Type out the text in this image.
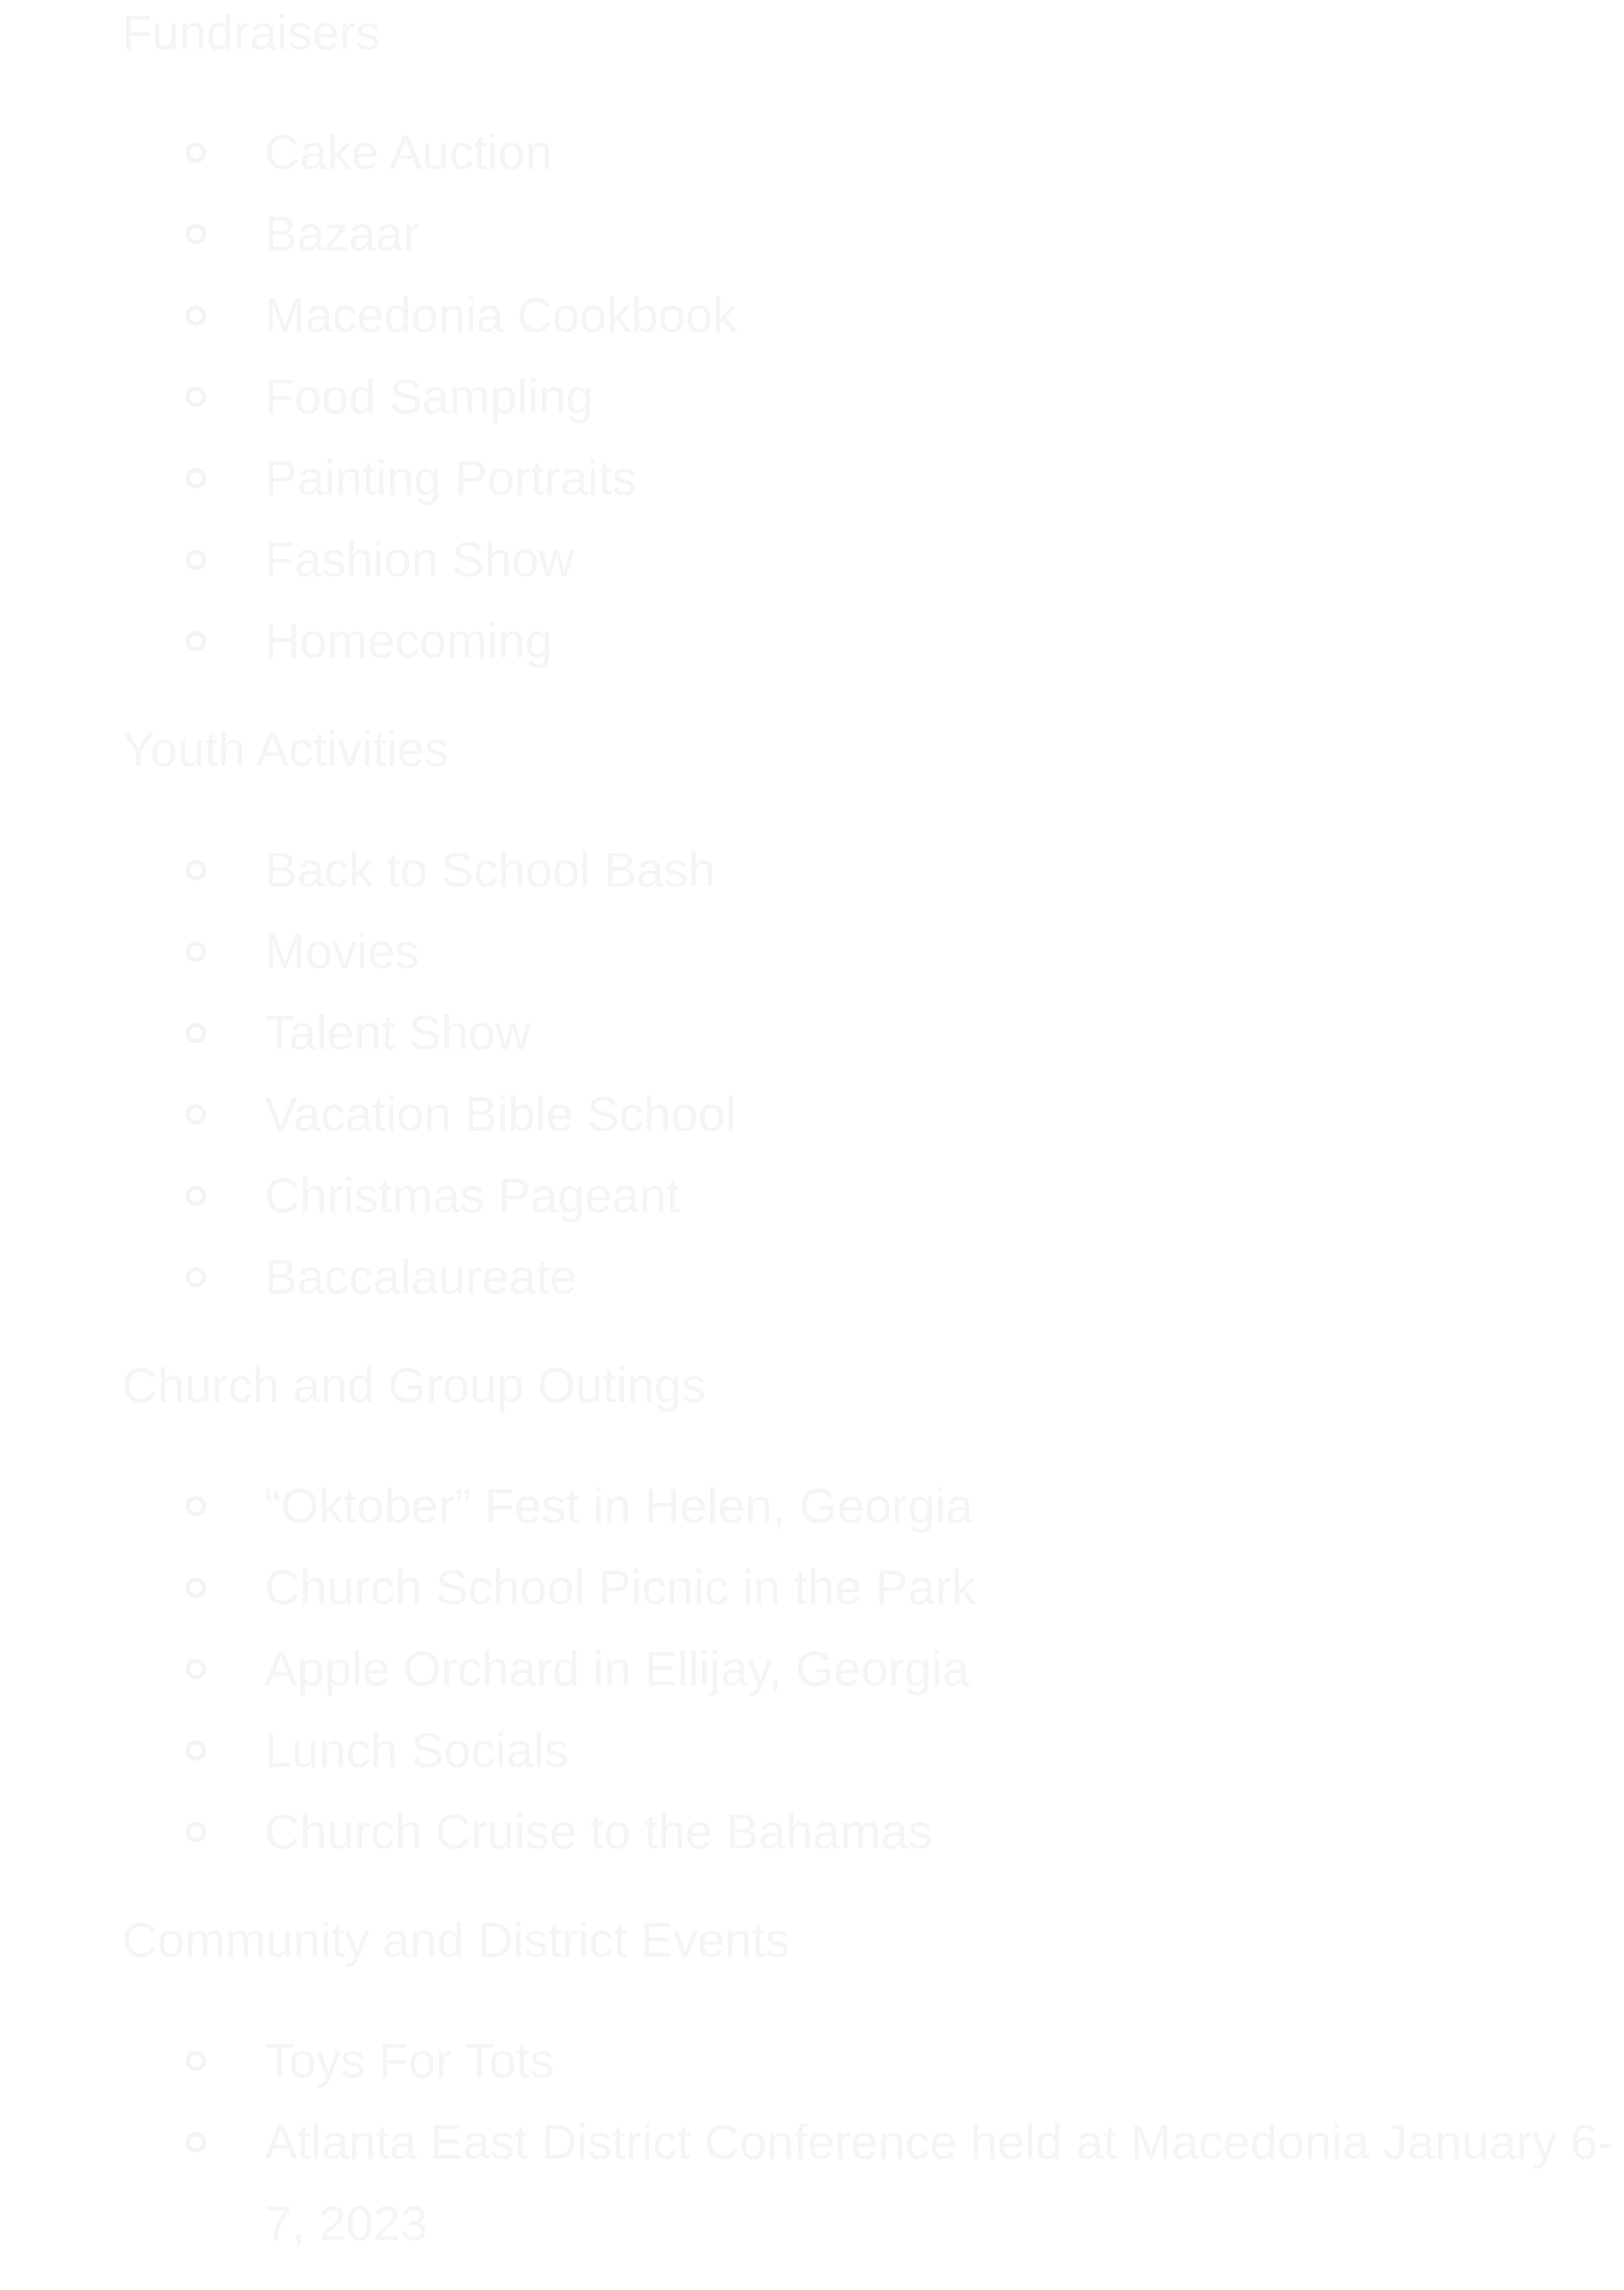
Fundraisers
Cake Auction
Bazaar
Macedonia Cookbook
Food Sampling
Painting Portraits
Fashion Show
Homecoming
Youth Activities
Back to School Bash
Movies
Talent Show
Vacation Bible School
Christmas Pageant
Baccalaureate
Church and Group Outings
“Oktober” Fest in Helen, Georgia
Church School Picnic in the Park
Apple Orchard in Ellijay, Georgia
Lunch Socials
Church Cruise to the Bahamas
Community and District Events
Toys For Tots
Atlanta East District Conference held at Macedonia January 6-7, 2023
